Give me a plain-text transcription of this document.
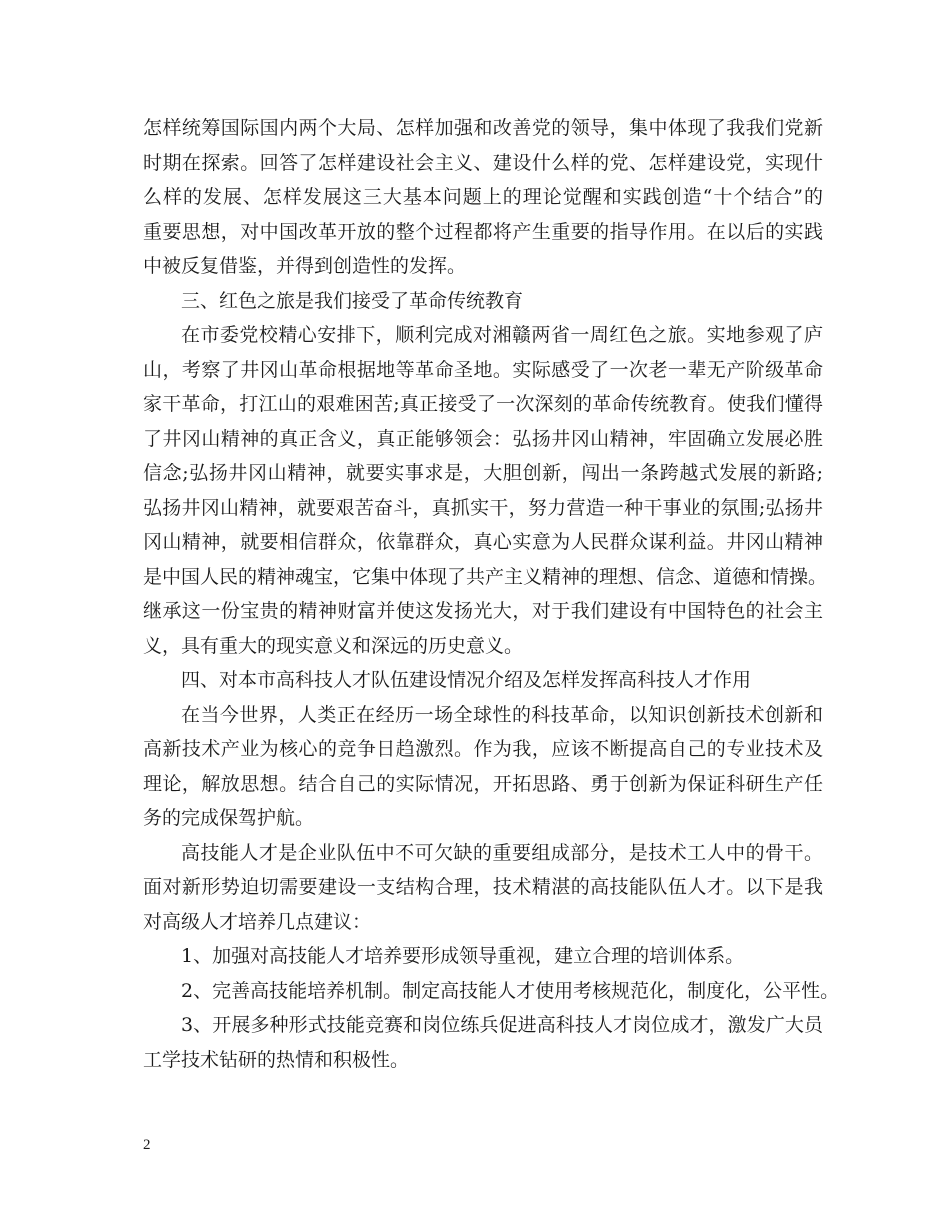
怎样统筹国际国内两个大局、怎样加强和改善党的领导，集中体现了我我们党新
时期在探索。回答了怎样建设社会主义、建设什么样的党、怎样建设党，实现什
么样的发展、怎样发展这三大基本问题上的理论觉醒和实践创造“十个结合”的
重要思想，对中国改革开放的整个过程都将产生重要的指导作用。在以后的实践
中被反复借鉴，并得到创造性的发挥。
三、红色之旅是我们接受了革命传统教育
在市委党校精心安排下，顺利完成对湘赣两省一周红色之旅。实地参观了庐
山，考察了井冈山革命根据地等革命圣地。实际感受了一次老一辈无产阶级革命
家干革命，打江山的艰难困苦;真正接受了一次深刻的革命传统教育。使我们懂得
了井冈山精神的真正含义，真正能够领会：弘扬井冈山精神，牢固确立发展必胜
信念;弘扬井冈山精神，就要实事求是，大胆创新，闯出一条跨越式发展的新路;
弘扬井冈山精神，就要艰苦奋斗，真抓实干，努力营造一种干事业的氛围;弘扬井
冈山精神，就要相信群众，依靠群众，真心实意为人民群众谋利益。井冈山精神
是中国人民的精神魂宝，它集中体现了共产主义精神的理想、信念、道德和情操。
继承这一份宝贵的精神财富并使这发扬光大，对于我们建设有中国特色的社会主
义，具有重大的现实意义和深远的历史意义。
四、对本市高科技人才队伍建设情况介绍及怎样发挥高科技人才作用
在当今世界，人类正在经历一场全球性的科技革命，以知识创新技术创新和
高新技术产业为核心的竞争日趋激烈。作为我，应该不断提高自己的专业技术及
理论，解放思想。结合自己的实际情况，开拓思路、勇于创新为保证科研生产任
务的完成保驾护航。
高技能人才是企业队伍中不可欠缺的重要组成部分，是技术工人中的骨干。
面对新形势迫切需要建设一支结构合理，技术精湛的高技能队伍人才。以下是我
对高级人才培养几点建议：
1、加强对高技能人才培养要形成领导重视，建立合理的培训体系。
2、完善高技能培养机制。制定高技能人才使用考核规范化，制度化，公平性。
3、开展多种形式技能竞赛和岗位练兵促进高科技人才岗位成才，激发广大员
工学技术钻研的热情和积极性。
2
